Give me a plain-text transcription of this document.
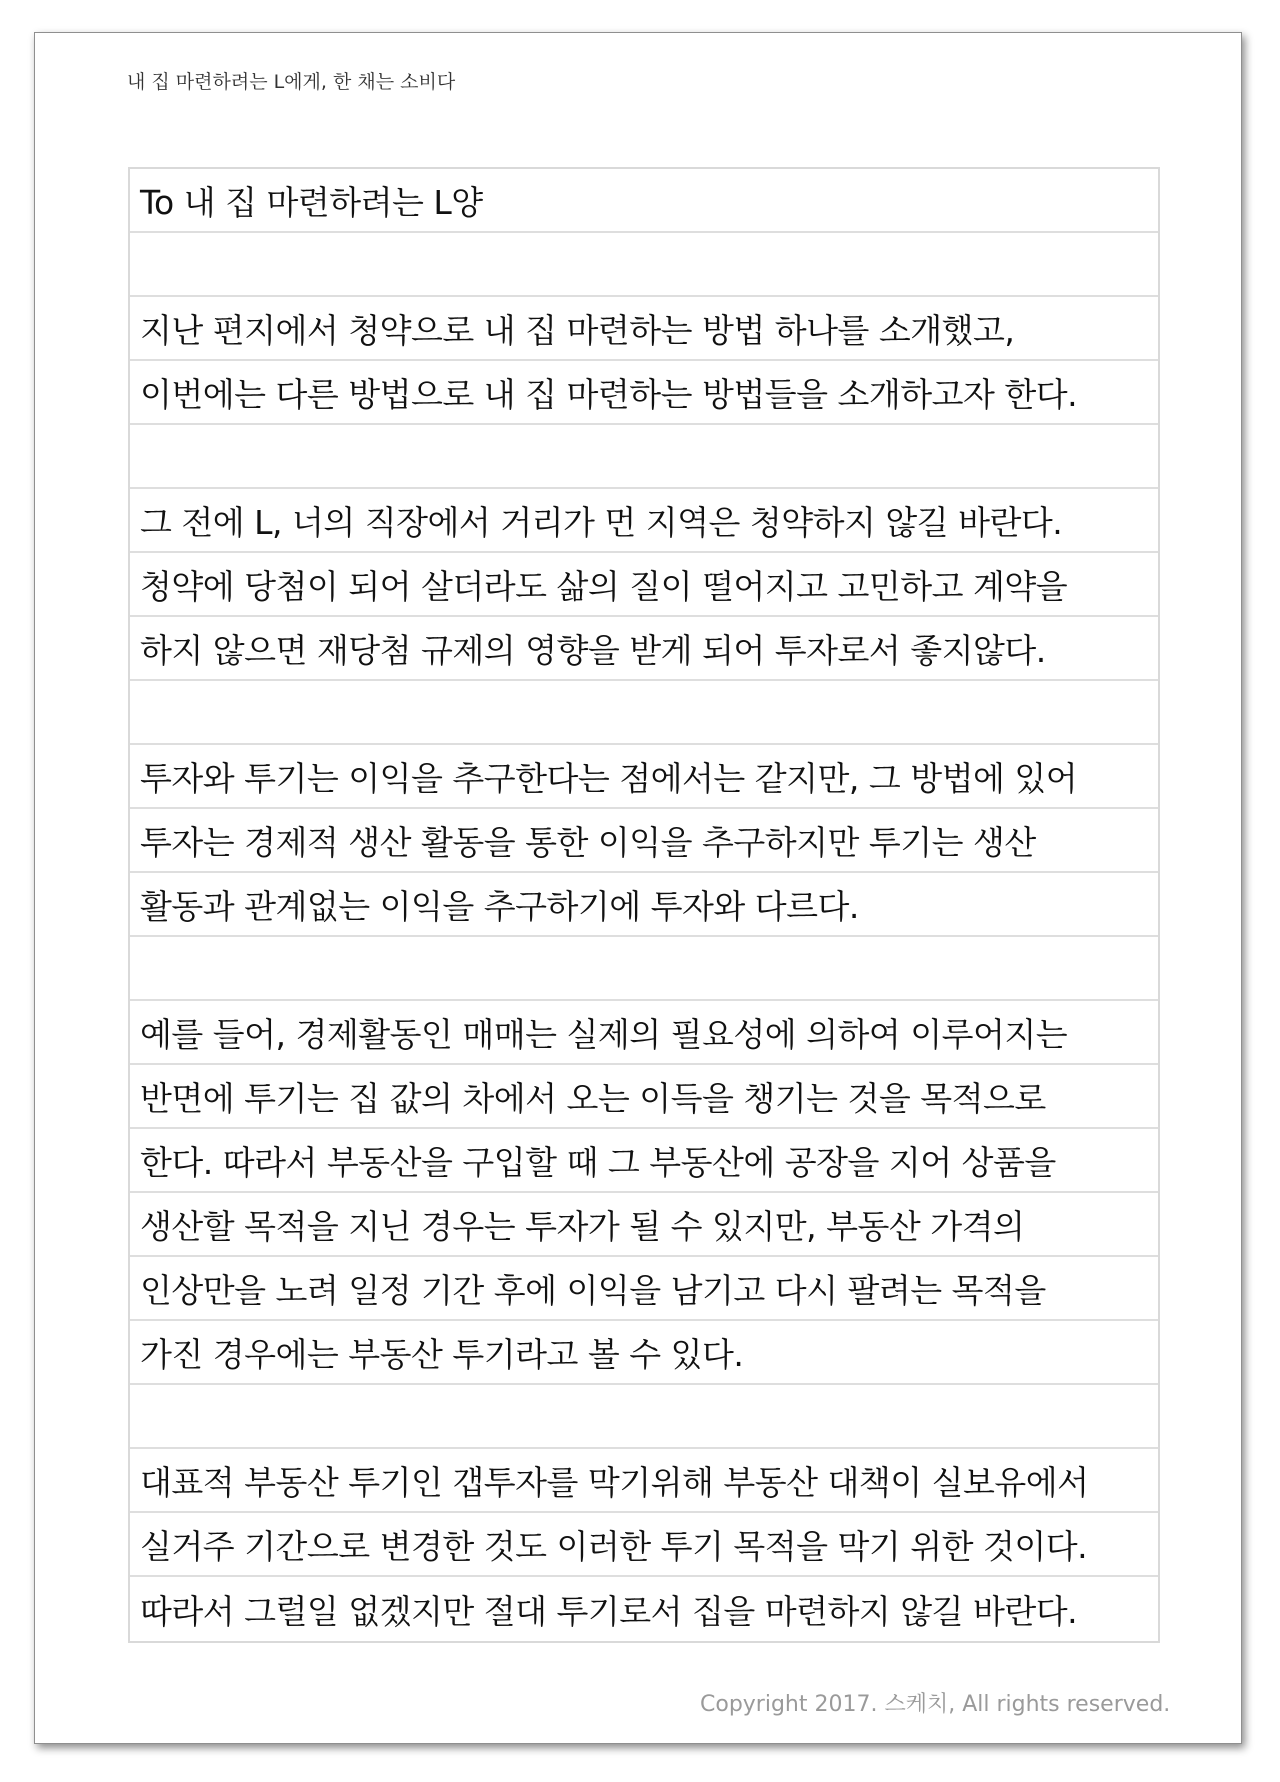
내 집 마련하려는 L에게, 한 채는 소비다
To 내 집 마련하려는 L양
지난 편지에서 청약으로 내 집 마련하는 방법 하나를 소개했고,
이번에는 다른 방법으로 내 집 마련하는 방법들을 소개하고자 한다.
그 전에 L, 너의 직장에서 거리가 먼 지역은 청약하지 않길 바란다.
청약에 당첨이 되어 살더라도 삶의 질이 떨어지고 고민하고 계약을
하지 않으면 재당첨 규제의 영향을 받게 되어 투자로서 좋지않다.
투자와 투기는 이익을 추구한다는 점에서는 같지만, 그 방법에 있어
투자는 경제적 생산 활동을 통한 이익을 추구하지만 투기는 생산
활동과 관계없는 이익을 추구하기에 투자와 다르다.
예를 들어, 경제활동인 매매는 실제의 필요성에 의하여 이루어지는
반면에 투기는 집 값의 차에서 오는 이득을 챙기는 것을 목적으로
한다. 따라서 부동산을 구입할 때 그 부동산에 공장을 지어 상품을
생산할 목적을 지닌 경우는 투자가 될 수 있지만, 부동산 가격의
인상만을 노려 일정 기간 후에 이익을 남기고 다시 팔려는 목적을
가진 경우에는 부동산 투기라고 볼 수 있다.
대표적 부동산 투기인 갭투자를 막기위해 부동산 대책이 실보유에서
실거주 기간으로 변경한 것도 이러한 투기 목적을 막기 위한 것이다.
따라서 그럴일 없겠지만 절대 투기로서 집을 마련하지 않길 바란다.
Copyright 2017. 스케치, All rights reserved.
